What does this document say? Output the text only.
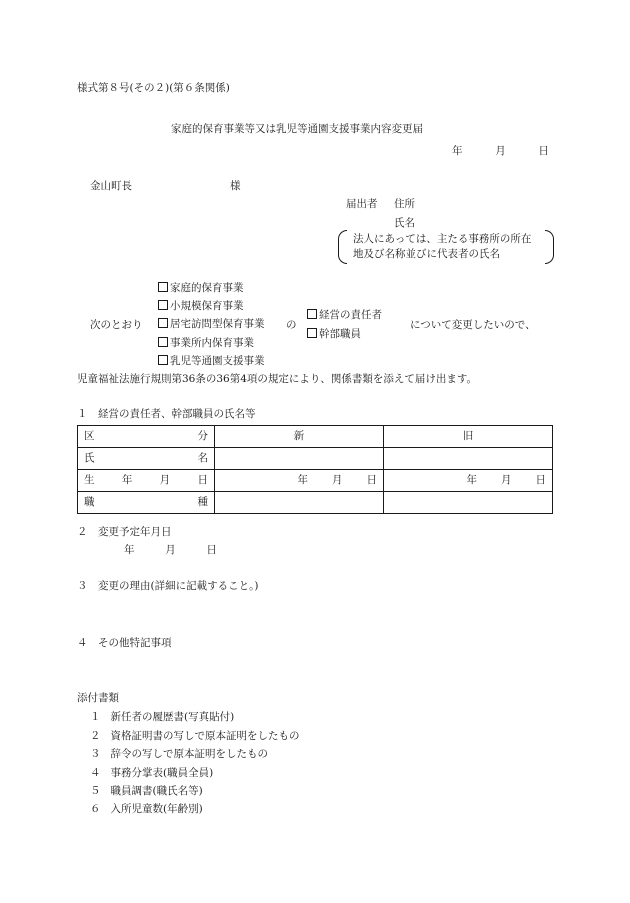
様式第８号(その２)(第６条関係)
家庭的保育事業等又は乳児等通園支援事業内容変更届
年	月	日
金山町長	様
届出者 住所
氏名
法人にあっては、主たる事務所の所在
地及び名称並びに代表者の氏名
家庭的保育事業
小規模保育事業
居宅訪問型保育事業
事業所内保育事業
乳児等通園支援事業
次のとおり	の
経営の責任者
幹部職員
について変更したいので、
児童福祉法施行規則第36条の36第4項の規定により、関係書類を添えて届け出ます。
１　経営の責任者、幹部職員の氏名等
区 分	新	旧

氏 名		

生 年 月 日	年 月 日	年 月 日

職 種		

２　変更予定年月日
年	月	日
３　変更の理由(詳細に記載すること。)
４　その他特記事項
添付書類
１ 新任者の履歴書(写真貼付)
２ 資格証明書の写しで原本証明をしたもの
３ 辞令の写しで原本証明をしたもの
４ 事務分掌表(職員全員)
５ 職員調書(職氏名等)
６ 入所児童数(年齢別)
